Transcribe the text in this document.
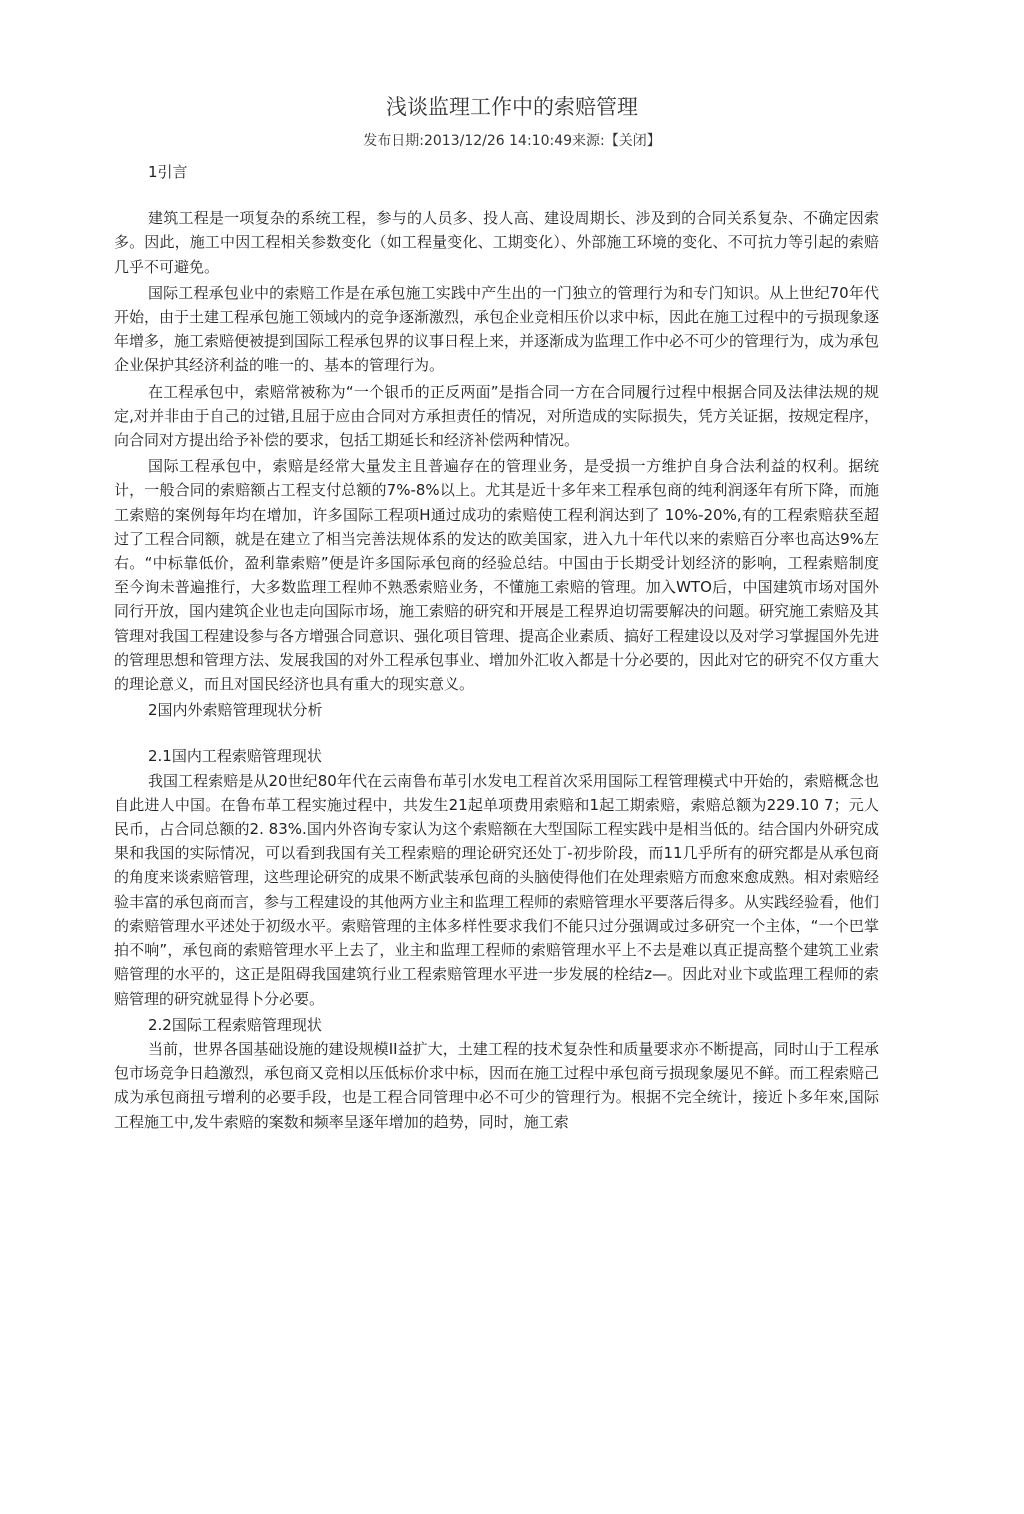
浅谈监理工作中的索赔管理
发布日期:2013/12/26 14:10:49来源:【关闭】

1引言

建筑工程是一项复杂的系统工程，参与的人员多、投人高、建设周期长、涉及到的合同关系复杂、不确定因索多。因此，施工中因工程相关参数变化（如工程量变化、工期变化）、外部施工环境的变化、不可抗力等引起的索赔几乎不可避免。

国际工程承包业中的索赔工作是在承包施工实践中产生出的一门独立的管理行为和专门知识。从上世纪70年代开始，由于土建工程承包施工领域内的竞争逐渐激烈，承包企业竞相压价以求中标，因此在施工过程中的亏损现象逐年增多，施工索赔便被提到国际工程承包界的议事日程上来，并逐渐成为监理工作中必不可少的管理行为，成为承包企业保护其经济利益的唯一的、基本的管理行为。

在工程承包中，索赔常被称为“一个银币的正反两面”是指合同一方在合同履行过程中根据合同及法律法规的规定,对并非由于自己的过错,且屈于应由合同对方承担责任的情况，对所造成的实际损失，凭方关证据，按规定程序，向合同对方提出给予补偿的要求，包括工期延长和经济补偿两种情况。

国际工程承包中，索赔是经常大量发主且普遍存在的管理业务，是受损一方维护自身合法利益的权利。据统计，一般合同的索赔额占工程支付总额的7%-8%以上。尤其是近十多年来工程承包商的纯利润逐年有所下降，而施工索赔的案例每年均在增加，许多国际工程项H通过成功的索赔使工程利润达到了 10%-20%,有的工程索赔获至超过了工程合同额，就是在建立了相当完善法规体系的发达的欧美国家，进入九十年代以来的索赔百分率也高达9%左右。“中标靠低价，盈利靠索赔”便是许多国际承包商的经验总结。中国由于长期受计划经济的影响，工程索赔制度至今询未普遍推行，大多数监理工程帅不熟悉索赔业务，不懂施工索赔的管理。加入WTO后，中国建筑市场对国外同行开放，国内建筑企业也走向国际市场，施工索赔的研究和开展是工程界迫切需要解决的问题。研究施工索赔及其管理对我国工程建设参与各方增强合同意识、强化项目管理、提高企业素质、搞好工程建设以及对学习掌握国外先进的管理思想和管理方法、发展我国的对外工程承包事业、增加外汇收入都是十分必要的，因此对它的研究不仅方重大的理论意义，而且对国民经济也具有重大的现实意义。

2国内外索赔管理现状分析

2.1国内工程索赔管理现状

我国工程索赔是从20世纪80年代在云南鲁布革引水发电工程首次采用国际工程管理模式中开始的，索赔概念也自此进人中国。在鲁布革工程实施过程中，共发生21起单项费用索赔和1起工期索赔，索赔总额为229.10 7；元人民币，占合同总额的2. 83%.国内外咨询专家认为这个索赔额在大型国际工程实践中是相当低的。结合国内外研究成果和我国的实际情况，可以看到我国有关工程索赔的理论研究还处丁-初步阶段，而11几乎所有的研究都是从承包商的角度来谈索赔管理，这些理论研究的成果不断武装承包商的头脑使得他们在处理索赔方而愈來愈成熟。相对索赔经验丰富的承包商而言，参与工程建设的其他两方业主和监理工程师的索赔管理水平要落后得多。从实践经验看，他们的索赔管理水平述处于初级水平。索赔管理的主体多样性要求我们不能只过分强调或过多研究一个主体，“一个巴掌拍不响”，承包商的索赔管理水平上去了，业主和监理工程师的索赔管理水平上不去是难以真正提高整个建筑工业索赔管理的水平的，这正是阻碍我国建筑行业工程索赔管理水平进一步发展的栓结z—。因此对业卞或监理工程师的索赔管理的研究就显得卜分必要。

2.2国际工程索赔管理现状

当前，世界各国基础设施的建设规模II益扩大，土建工程的技术复杂性和质量要求亦不断提高，同时山于工程承包市场竞争日趋激烈，承包商又竞相以压低标价求中标，因而在施工过程中承包商亏损现象屡见不鲜。而工程索赔己成为承包商扭亏增利的必要手段，也是工程合同管理中必不可少的管理行为。根据不完全统计，接近卜多年來,国际工程施工中,发牛索赔的案数和频率呈逐年增加的趋势，同时，施工索
